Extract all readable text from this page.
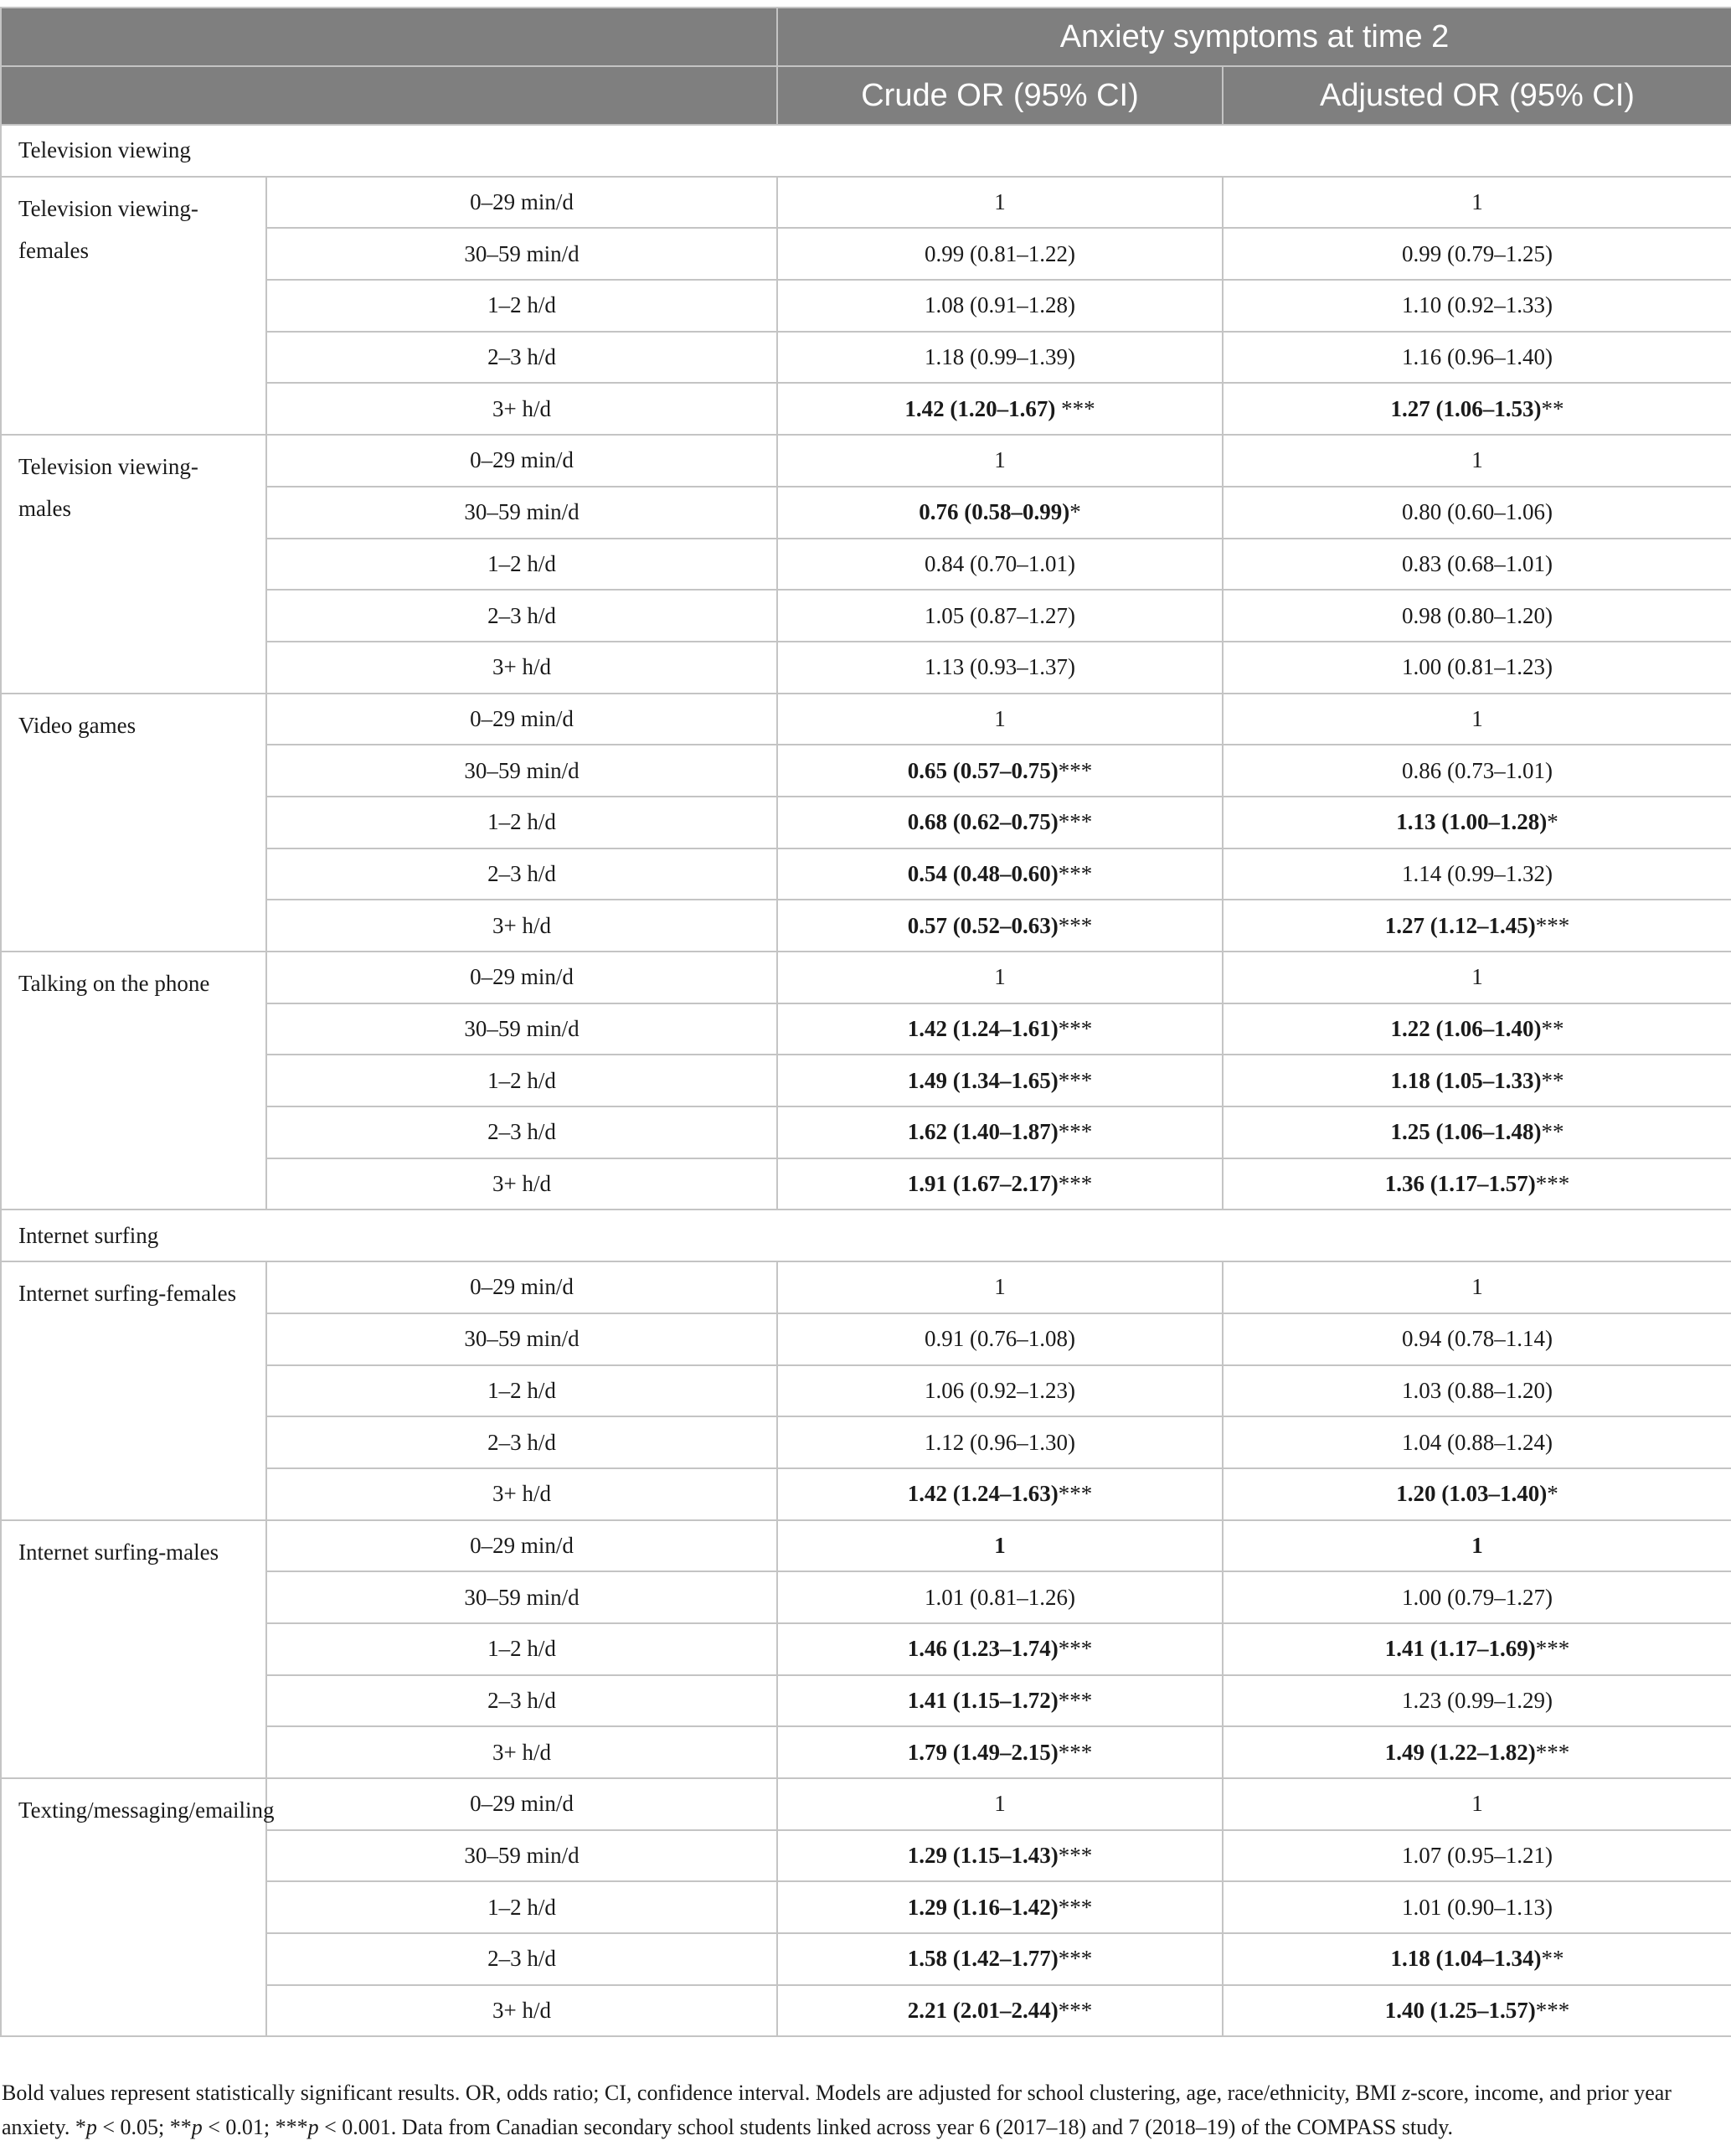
		Anxiety symptoms at time 2	
		Crude OR (95% CI)	Adjusted OR (95% CI)
Television viewing			
Television viewing-females	0–29 min/d	1	1
	30–59 min/d	0.99 (0.81–1.22)	0.99 (0.79–1.25)
	1–2 h/d	1.08 (0.91–1.28)	1.10 (0.92–1.33)
	2–3 h/d	1.18 (0.99–1.39)	1.16 (0.96–1.40)
	3+ h/d	1.42 (1.20–1.67) ***	1.27 (1.06–1.53)**
Television viewing-males	0–29 min/d	1	1
	30–59 min/d	0.76 (0.58–0.99)*	0.80 (0.60–1.06)
	1–2 h/d	0.84 (0.70–1.01)	0.83 (0.68–1.01)
	2–3 h/d	1.05 (0.87–1.27)	0.98 (0.80–1.20)
	3+ h/d	1.13 (0.93–1.37)	1.00 (0.81–1.23)
Video games	0–29 min/d	1	1
	30–59 min/d	0.65 (0.57–0.75)***	0.86 (0.73–1.01)
	1–2 h/d	0.68 (0.62–0.75)***	1.13 (1.00–1.28)*
	2–3 h/d	0.54 (0.48–0.60)***	1.14 (0.99–1.32)
	3+ h/d	0.57 (0.52–0.63)***	1.27 (1.12–1.45)***
Talking on the phone	0–29 min/d	1	1
	30–59 min/d	1.42 (1.24–1.61)***	1.22 (1.06–1.40)**
	1–2 h/d	1.49 (1.34–1.65)***	1.18 (1.05–1.33)**
	2–3 h/d	1.62 (1.40–1.87)***	1.25 (1.06–1.48)**
	3+ h/d	1.91 (1.67–2.17)***	1.36 (1.17–1.57)***
Internet surfing			
Internet surfing-females	0–29 min/d	1	1
	30–59 min/d	0.91 (0.76–1.08)	0.94 (0.78–1.14)
	1–2 h/d	1.06 (0.92–1.23)	1.03 (0.88–1.20)
	2–3 h/d	1.12 (0.96–1.30)	1.04 (0.88–1.24)
	3+ h/d	1.42 (1.24–1.63)***	1.20 (1.03–1.40)*
Internet surfing-males	0–29 min/d	1	1
	30–59 min/d	1.01 (0.81–1.26)	1.00 (0.79–1.27)
	1–2 h/d	1.46 (1.23–1.74)***	1.41 (1.17–1.69)***
	2–3 h/d	1.41 (1.15–1.72)***	1.23 (0.99–1.29)
	3+ h/d	1.79 (1.49–2.15)***	1.49 (1.22–1.82)***
Texting/messaging/emailing	0–29 min/d	1	1
	30–59 min/d	1.29 (1.15–1.43)***	1.07 (0.95–1.21)
	1–2 h/d	1.29 (1.16–1.42)***	1.01 (0.90–1.13)
	2–3 h/d	1.58 (1.42–1.77)***	1.18 (1.04–1.34)**
	3+ h/d	2.21 (2.01–2.44)***	1.40 (1.25–1.57)***
Bold values represent statistically significant results. OR, odds ratio; CI, confidence interval. Models are adjusted for school clustering, age, race/ethnicity, BMI z-score, income, and prior year anxiety. *p < 0.05; **p < 0.01; ***p < 0.001. Data from Canadian secondary school students linked across year 6 (2017–18) and 7 (2018–19) of the COMPASS study.
